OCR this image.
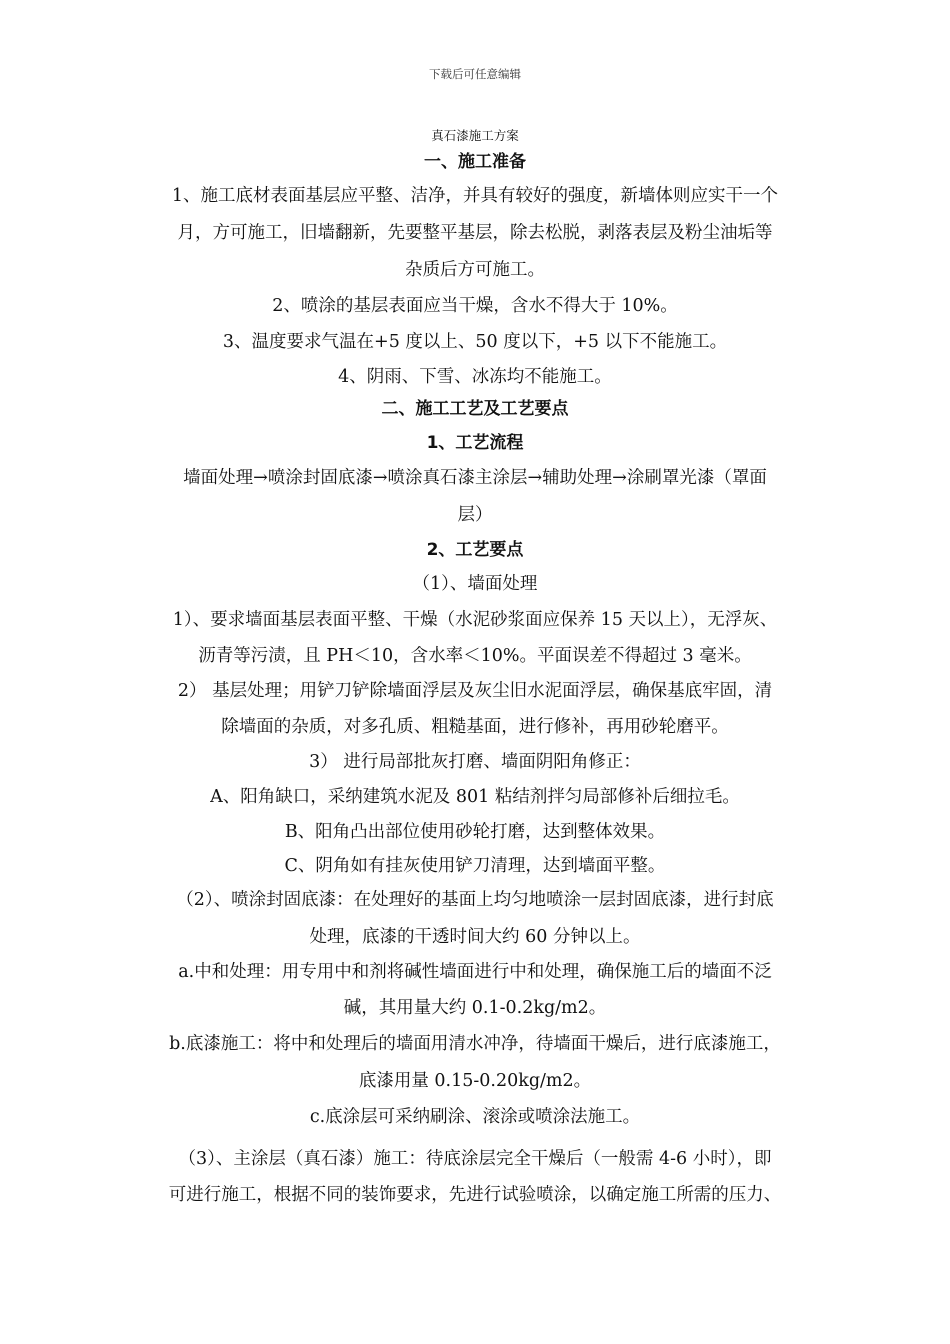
下载后可任意编辑
真石漆施工方案
一、施工准备
1、施工底材表面基层应平整、洁净，并具有较好的强度，新墙体则应实干一个
月，方可施工，旧墙翻新，先要整平基层，除去松脱，剥落表层及粉尘油垢等
杂质后方可施工。
2、喷涂的基层表面应当干燥，含水不得大于 10%。
3、温度要求气温在+5 度以上、50 度以下，+5 以下不能施工。
4、阴雨、下雪、冰冻均不能施工。
二、施工工艺及工艺要点
1、工艺流程
墙面处理→喷涂封固底漆→喷涂真石漆主涂层→辅助处理→涂刷罩光漆（罩面
层）
2、工艺要点
（1）、墙面处理
1）、要求墙面基层表面平整、干燥（水泥砂浆面应保养 15 天以上），无浮灰、
沥青等污渍，且 PH＜10，含水率＜10%。平面误差不得超过 3 毫米。
2） 基层处理；用铲刀铲除墙面浮层及灰尘旧水泥面浮层，确保基底牢固，清
除墙面的杂质，对多孔质、粗糙基面，进行修补，再用砂轮磨平。
3） 进行局部批灰打磨、墙面阴阳角修正：
A、阳角缺口，采纳建筑水泥及 801 粘结剂拌匀局部修补后细拉毛。
B、阳角凸出部位使用砂轮打磨，达到整体效果。
C、阴角如有挂灰使用铲刀清理，达到墙面平整。
（2）、喷涂封固底漆：在处理好的基面上均匀地喷涂一层封固底漆，进行封底
处理，底漆的干透时间大约 60 分钟以上。
a.中和处理：用专用中和剂将碱性墙面进行中和处理，确保施工后的墙面不泛
碱，其用量大约 0.1-0.2kg/m2。
b.底漆施工：将中和处理后的墙面用清水冲净，待墙面干燥后，进行底漆施工，
底漆用量 0.15-0.20kg/m2。
c.底涂层可采纳刷涂、滚涂或喷涂法施工。
（3）、主涂层（真石漆）施工：待底涂层完全干燥后（一般需 4-6 小时），即
可进行施工，根据不同的装饰要求，先进行试验喷涂，以确定施工所需的压力、
